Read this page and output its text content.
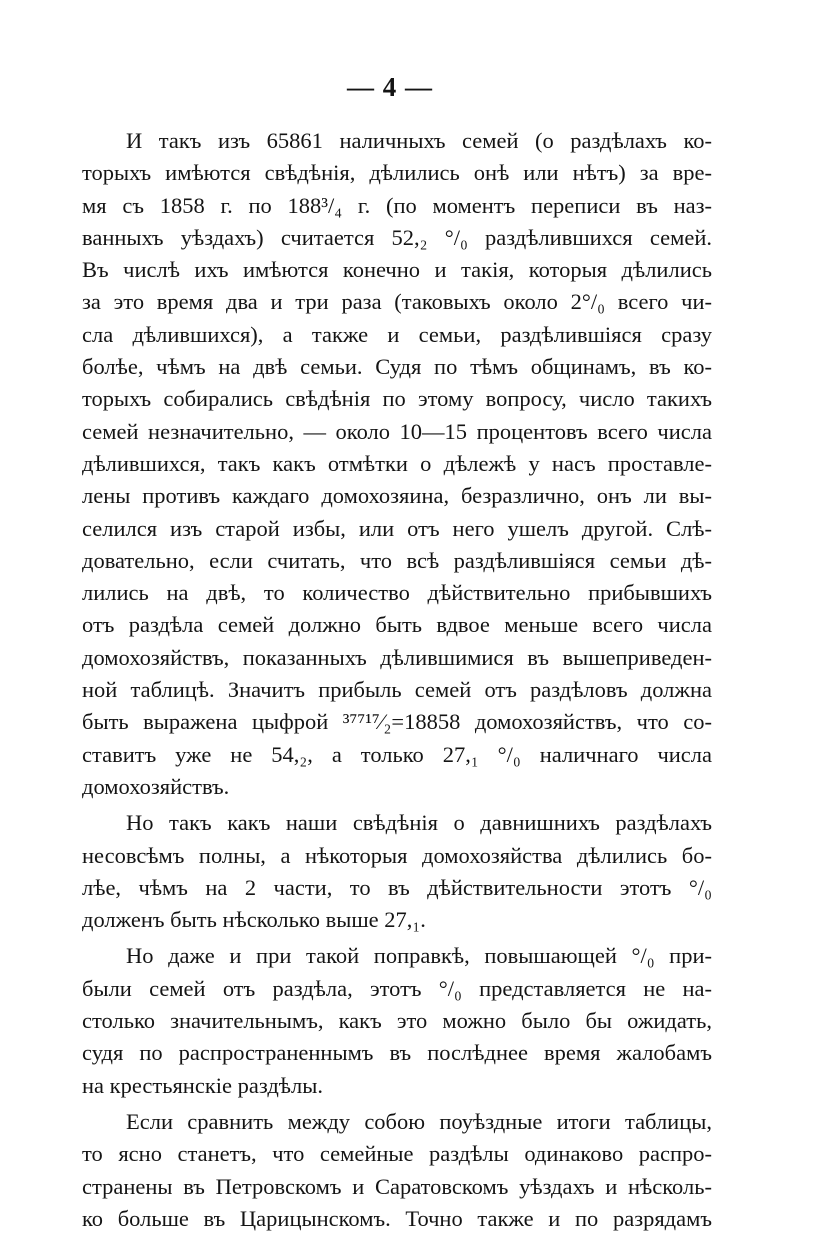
— 4 —
И такъ изъ 65861 наличныхъ семей (о раздѣлахъ ко-
торыхъ имѣются свѣдѣнія, дѣлились онѣ или нѣтъ) за вре-
мя съ 1858 г. по 188³/₄ г. (по моментъ переписи въ наз-
ванныхъ уѣздахъ) считается 52,₂ °/₀ раздѣлившихся семей.
Въ числѣ ихъ имѣются конечно и такія, которыя дѣлились
за это время два и три раза (таковыхъ около 2°/₀ всего чи-
сла дѣлившихся), а также и семьи, раздѣлившіяся сразу
болѣе, чѣмъ на двѣ семьи. Судя по тѣмъ общинамъ, въ ко-
торыхъ собирались свѣдѣнія по этому вопросу, число такихъ
семей незначительно, — около 10—15 процентовъ всего числа
дѣлившихся, такъ какъ отмѣтки о дѣлежѣ у насъ проставле-
лены противъ каждаго домохозяина, безразлично, онъ ли вы-
селился изъ старой избы, или отъ него ушелъ другой. Слѣ-
довательно, если считать, что всѣ раздѣлившіяся семьи дѣ-
лились на двѣ, то количество дѣйствительно прибывшихъ
отъ раздѣла семей должно быть вдвое меньше всего числа
домохозяйствъ, показанныхъ дѣлившимися въ вышеприведен-
ной таблицѣ. Значитъ прибыль семей отъ раздѣловъ должна
быть выражена цыфрой ³⁷⁷¹⁷⁄₂=18858 домохозяйствъ, что со-
ставитъ уже не 54,₂, а только 27,₁ °/₀ наличнаго числа
домохозяйствъ.
Но такъ какъ наши свѣдѣнія о давнишнихъ раздѣлахъ
несовсѣмъ полны, а нѣкоторыя домохозяйства дѣлились бо-
лѣе, чѣмъ на 2 части, то въ дѣйствительности этотъ °/₀
долженъ быть нѣсколько выше 27,₁.
Но даже и при такой поправкѣ, повышающей °/₀ при-
были семей отъ раздѣла, этотъ °/₀ представляется не на-
столько значительнымъ, какъ это можно было бы ожидать,
судя по распространеннымъ въ послѣднее время жалобамъ
на крестьянскіе раздѣлы.
Если сравнить между собою поуѣздные итоги таблицы,
то ясно станетъ, что семейные раздѣлы одинаково распро-
странены въ Петровскомъ и Саратовскомъ уѣздахъ и нѣсколь-
ко больше въ Царицынскомъ. Точно также и по разрядамъ
